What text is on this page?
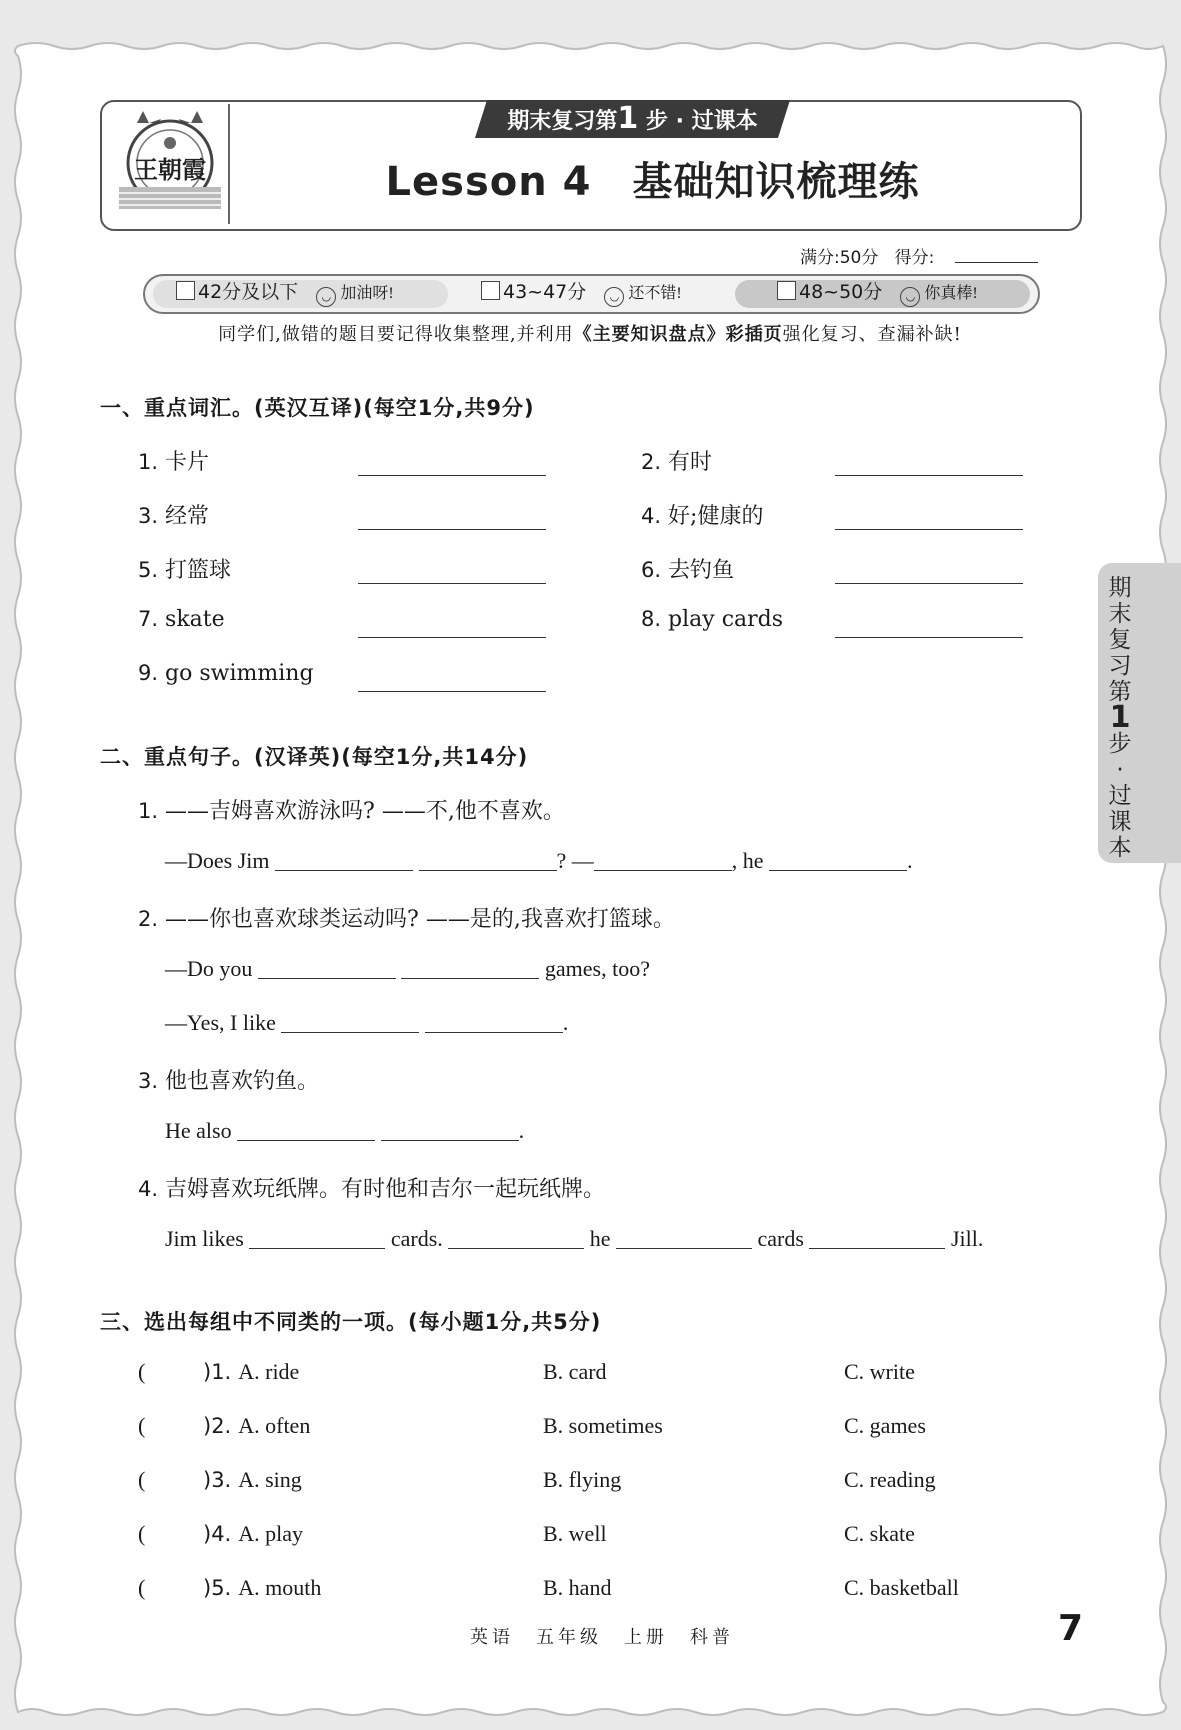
王朝霞
期末复习第1 步 · 过课本
Lesson 4　基础知识梳理练
满分:50分 得分:
42分及以下 ◡ 加油呀!	43~47分 ◡ 还不错!	48~50分 ◡ 你真棒!
同学们,做错的题目要记得收集整理,并利用《主要知识盘点》彩插页强化复习、查漏补缺!
一、重点词汇。(英汉互译)(每空1分,共9分)
1. 卡片	2. 有时
3. 经常	4. 好;健康的
5. 打篮球	6. 去钓鱼
7. skate	8. play cards
9. go swimming
二、重点句子。(汉译英)(每空1分,共14分)
1. ——吉姆喜欢游泳吗? ——不,他不喜欢。
—Does Jim	? —	, he	.
2. ——你也喜欢球类运动吗? ——是的,我喜欢打篮球。
—Do you	games, too?
—Yes, I like	.
3. 他也喜欢钓鱼。
He also	.
4. 吉姆喜欢玩纸牌。有时他和吉尔一起玩纸牌。
Jim likes	cards.	he	cards	Jill.
三、选出每组中不同类的一项。(每小题1分,共5分)
(	)1. A. ride	B. card	C. write
(	)2. A. often	B. sometimes	C. games
(	)3. A. sing	B. flying	C. reading
(	)4. A. play	B. well	C. skate
(	)5. A. mouth	B. hand	C. basketball
期末复习第
1
步·过课本
英语　五年级　上册　科普	7
